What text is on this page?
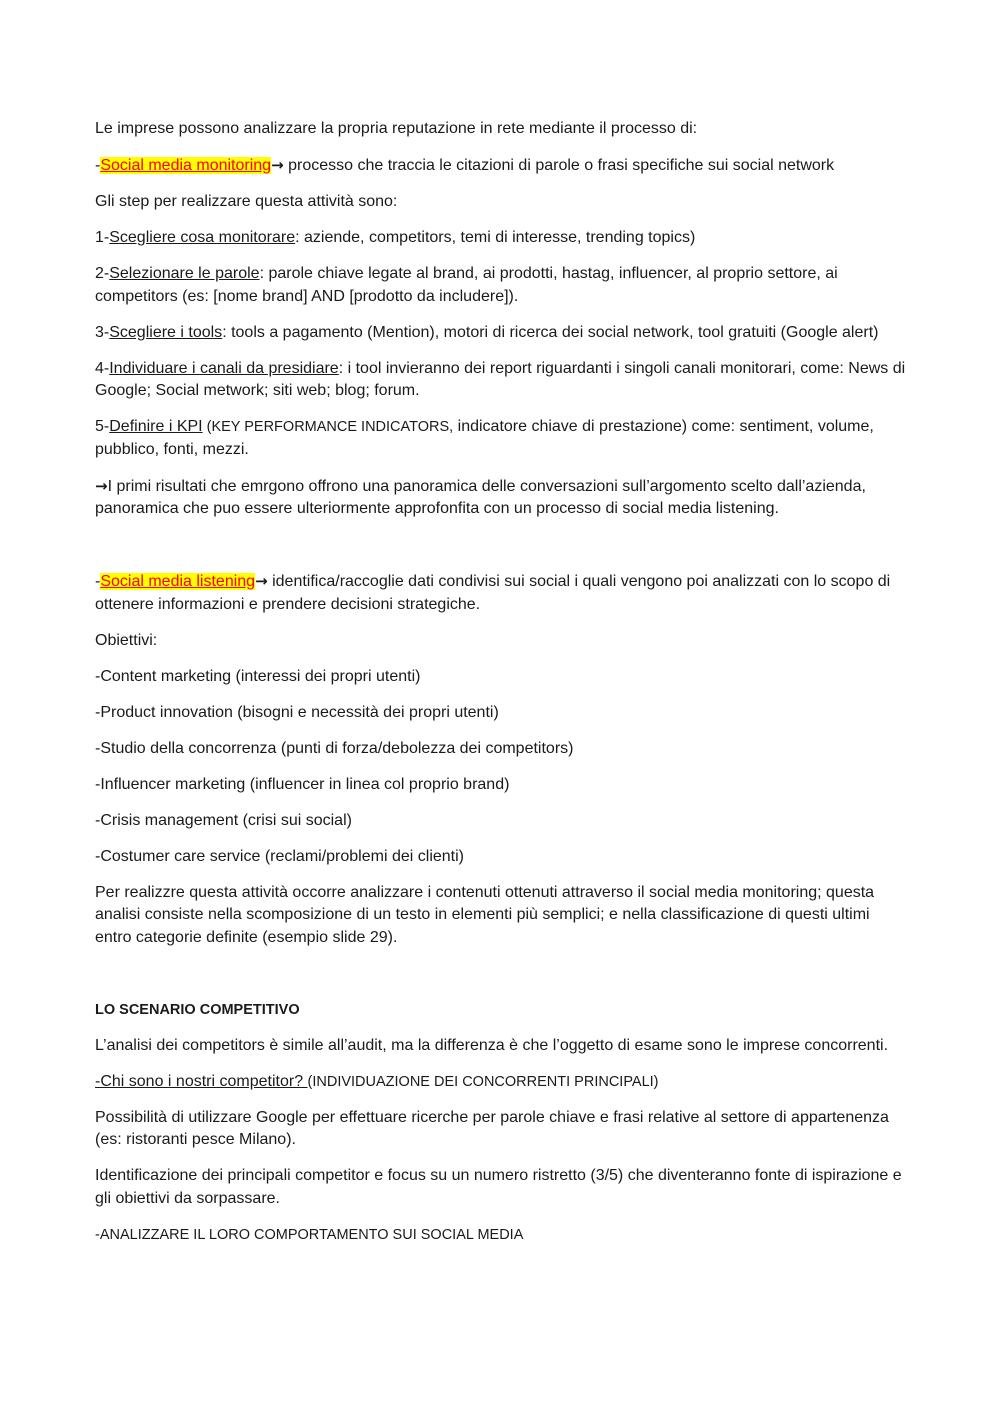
Le imprese possono analizzare la propria reputazione in rete mediante il processo di:

-Social media monitoring→ processo che traccia le citazioni di parole o frasi specifiche sui social network

Gli step per realizzare questa attività sono:

1-Scegliere cosa monitorare: aziende, competitors, temi di interesse, trending topics)

2-Selezionare le parole: parole chiave legate al brand, ai prodotti, hastag, influencer, al proprio settore, ai competitors (es: [nome brand] AND [prodotto da includere]).

3-Scegliere i tools: tools a pagamento (Mention), motori di ricerca dei social network, tool gratuiti (Google alert)

4-Individuare i canali da presidiare: i tool invieranno dei report riguardanti i singoli canali monitorari, come: News di Google; Social metwork; siti web; blog; forum.

5-Definire i KPI (KEY PERFORMANCE INDICATORS, indicatore chiave di prestazione) come: sentiment, volume, pubblico, fonti, mezzi.

→I primi risultati che emrgono offrono una panoramica delle conversazioni sull’argomento scelto dall’azienda, panoramica che puo essere ulteriormente approfonfita con un processo di social media listening.

-Social media listening→ identifica/raccoglie dati condivisi sui social i quali vengono poi analizzati con lo scopo di ottenere informazioni e prendere decisioni strategiche.

Obiettivi:

-Content marketing (interessi dei propri utenti)

-Product innovation (bisogni e necessità dei propri utenti)

-Studio della concorrenza (punti di forza/debolezza dei competitors)

-Influencer marketing (influencer in linea col proprio brand)

-Crisis management (crisi sui social)

-Costumer care service (reclami/problemi dei clienti)

Per realizzre questa attività occorre analizzare i contenuti ottenuti attraverso il social media monitoring; questa analisi consiste nella scomposizione di un testo in elementi più semplici; e nella classificazione di questi ultimi entro categorie definite (esempio slide 29).

LO SCENARIO COMPETITIVO

L’analisi dei competitors è simile all’audit, ma la differenza è che l’oggetto di esame sono le imprese concorrenti.

-Chi sono i nostri competitor? (INDIVIDUAZIONE DEI CONCORRENTI PRINCIPALI)

Possibilità di utilizzare Google per effettuare ricerche per parole chiave e frasi relative al settore di appartenenza (es: ristoranti pesce Milano).

Identificazione dei principali competitor e focus su un numero ristretto (3/5) che diventeranno fonte di ispirazione e gli obiettivi da sorpassare.

-ANALIZZARE IL LORO COMPORTAMENTO SUI SOCIAL MEDIA
